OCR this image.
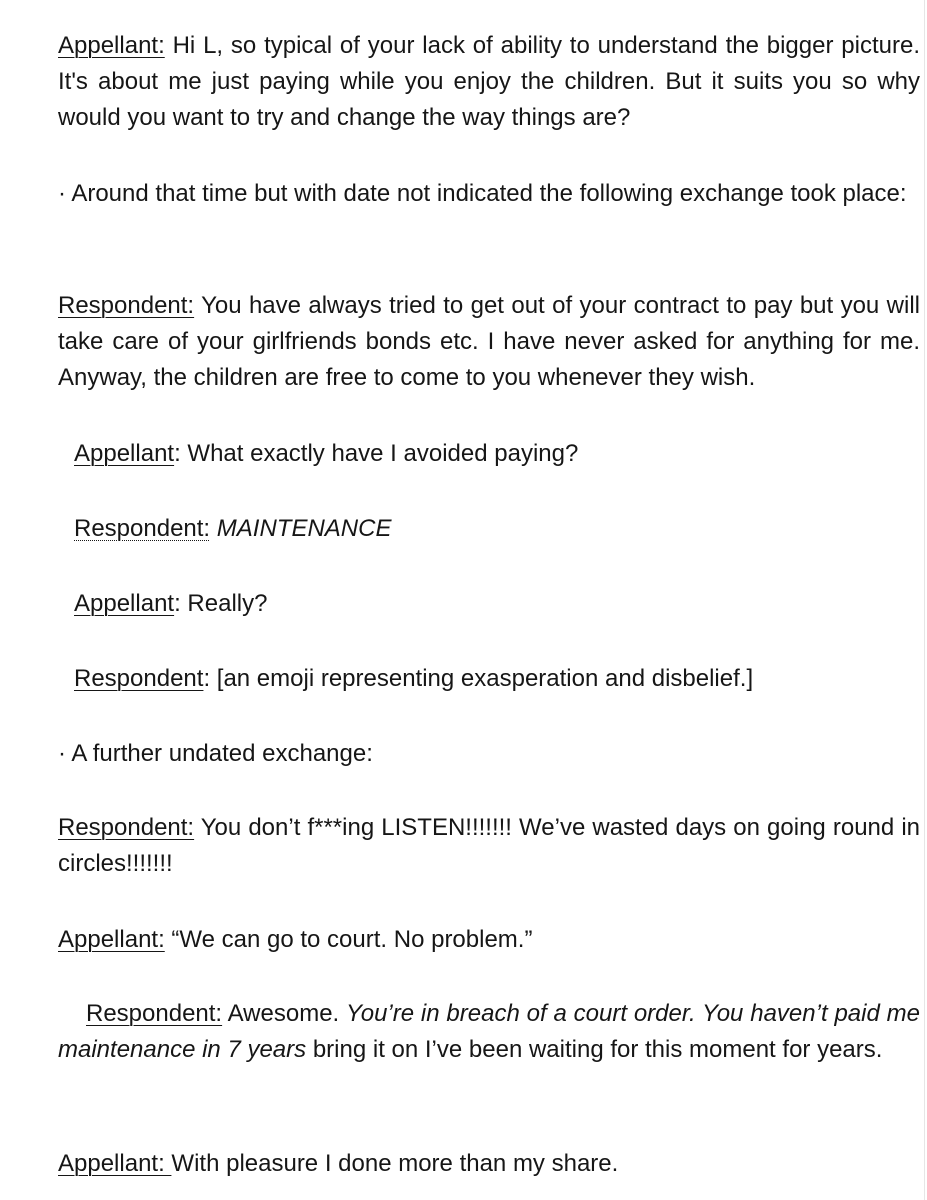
Appellant: Hi L, so typical of your lack of ability to understand the bigger picture. It's about me just paying while you enjoy the children. But it suits you so why would you want to try and change the way things are?

· Around that time but with date not indicated the following exchange took place:

Respondent: You have always tried to get out of your contract to pay but you will take care of your girlfriends bonds etc. I have never asked for anything for me. Anyway, the children are free to come to you whenever they wish.

Appellant: What exactly have I avoided paying?

Respondent: MAINTENANCE

Appellant: Really?

Respondent: [an emoji representing exasperation and disbelief.]

· A further undated exchange:

Respondent: You don’t f***ing LISTEN!!!!!!! We’ve wasted days on going round in circles!!!!!!!

Appellant: “We can go to court. No problem.”

Respondent: Awesome. You’re in breach of a court order. You haven’t paid me maintenance in 7 years bring it on I’ve been waiting for this moment for years.

Appellant: With pleasure I done more than my share.
